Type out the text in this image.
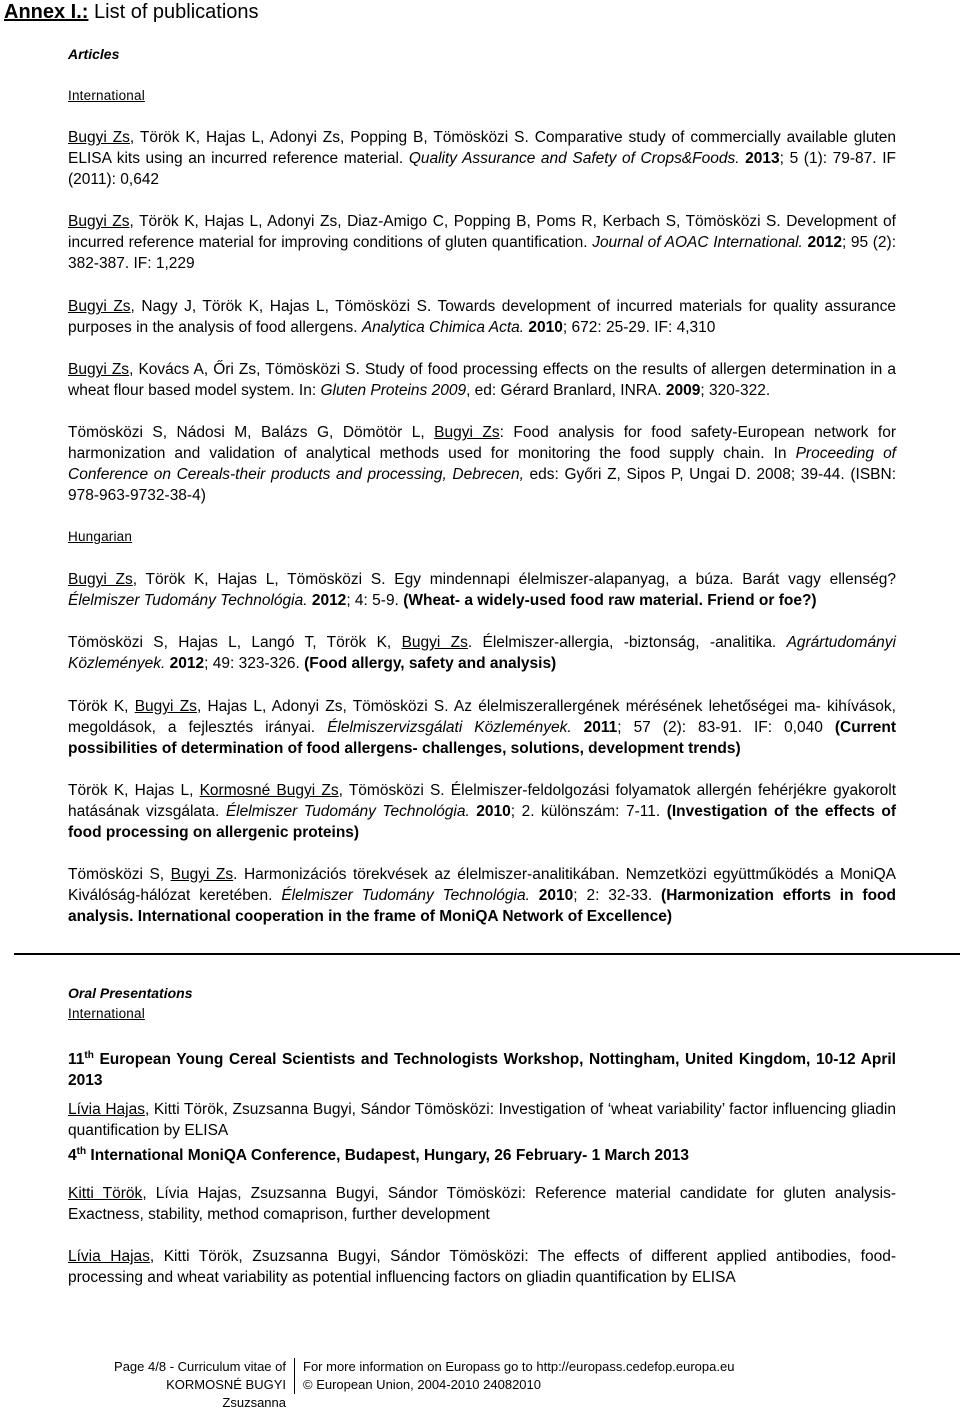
Annex I.: List of publications
Articles
International
Bugyi Zs, Török K, Hajas L, Adonyi Zs, Popping B, Tömösközi S. Comparative study of commercially available gluten ELISA kits using an incurred reference material. Quality Assurance and Safety of Crops&Foods. 2013; 5 (1): 79-87. IF (2011): 0,642
Bugyi Zs, Török K, Hajas L, Adonyi Zs, Diaz-Amigo C, Popping B, Poms R, Kerbach S, Tömösközi S. Development of incurred reference material for improving conditions of gluten quantification. Journal of AOAC International. 2012; 95 (2): 382-387. IF: 1,229
Bugyi Zs, Nagy J, Török K, Hajas L, Tömösközi S. Towards development of incurred materials for quality assurance purposes in the analysis of food allergens. Analytica Chimica Acta. 2010; 672: 25-29. IF: 4,310
Bugyi Zs, Kovács A, Őri Zs, Tömösközi S. Study of food processing effects on the results of allergen determination in a wheat flour based model system. In: Gluten Proteins 2009, ed: Gérard Branlard, INRA. 2009; 320-322.
Tömösközi S, Nádosi M, Balázs G, Dömötör L, Bugyi Zs: Food analysis for food safety-European network for harmonization and validation of analytical methods used for monitoring the food supply chain. In Proceeding of Conference on Cereals-their products and processing, Debrecen, eds: Győri Z, Sipos P, Ungai D. 2008; 39-44. (ISBN: 978-963-9732-38-4)
Hungarian
Bugyi Zs, Török K, Hajas L, Tömösközi S. Egy mindennapi élelmiszer-alapanyag, a búza. Barát vagy ellenség? Élelmiszer Tudomány Technológia. 2012; 4: 5-9. (Wheat- a widely-used food raw material. Friend or foe?)
Tömösközi S, Hajas L, Langó T, Török K, Bugyi Zs. Élelmiszer-allergia, -biztonság, -analitika. Agrártudományi Közlemények. 2012; 49: 323-326. (Food allergy, safety and analysis)
Török K, Bugyi Zs, Hajas L, Adonyi Zs, Tömösközi S. Az élelmiszerallergének mérésének lehetőségei ma- kihívások, megoldások, a fejlesztés irányai. Élelmiszervizsgálati Közlemények. 2011; 57 (2): 83-91. IF: 0,040 (Current possibilities of determination of food allergens- challenges, solutions, development trends)
Török K, Hajas L, Kormosné Bugyi Zs, Tömösközi S. Élelmiszer-feldolgozási folyamatok allergén fehérjékre gyakorolt hatásának vizsgálata. Élelmiszer Tudomány Technológia. 2010; 2. különszám: 7-11. (Investigation of the effects of food processing on allergenic proteins)
Tömösközi S, Bugyi Zs. Harmonizációs törekvések az élelmiszer-analitikában. Nemzetközi együttműködés a MoniQA Kiválóság-hálózat keretében. Élelmiszer Tudomány Technológia. 2010; 2: 32-33. (Harmonization efforts in food analysis. International cooperation in the frame of MoniQA Network of Excellence)
Oral Presentations
International
11th European Young Cereal Scientists and Technologists Workshop, Nottingham, United Kingdom, 10-12 April 2013
Lívia Hajas, Kitti Török, Zsuzsanna Bugyi, Sándor Tömösközi: Investigation of ‘wheat variability’ factor influencing gliadin quantification by ELISA
4th International MoniQA Conference, Budapest, Hungary, 26 February- 1 March 2013
Kitti Török, Lívia Hajas, Zsuzsanna Bugyi, Sándor Tömösközi: Reference material candidate for gluten analysis- Exactness, stability, method comaprison, further development
Lívia Hajas, Kitti Török, Zsuzsanna Bugyi, Sándor Tömösközi: The effects of different applied antibodies, food-processing and wheat variability as potential influencing factors on gliadin quantification by ELISA
Page 4/8 - Curriculum vitae of
KORMOSNÉ BUGYI Zsuzsanna
For more information on Europass go to http://europass.cedefop.europa.eu
© European Union, 2004-2010 24082010
